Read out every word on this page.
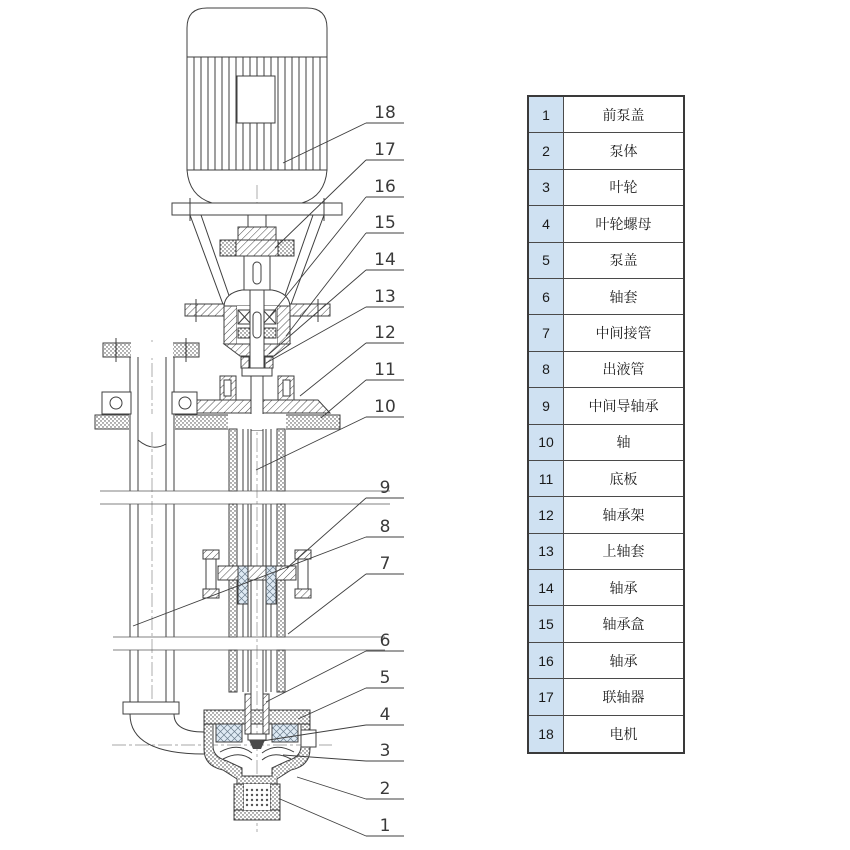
18
17
16
15
14
13
12
11
10
9
8
7
6
5
4
3
2
1
1	前泵盖
2	泵体
3	叶轮
4	叶轮螺母
5	泵盖
6	轴套
7	中间接管
8	出液管
9	中间导轴承
10	轴
11	底板
12	轴承架
13	上轴套
14	轴承
15	轴承盒
16	轴承
17	联轴器
18	电机
